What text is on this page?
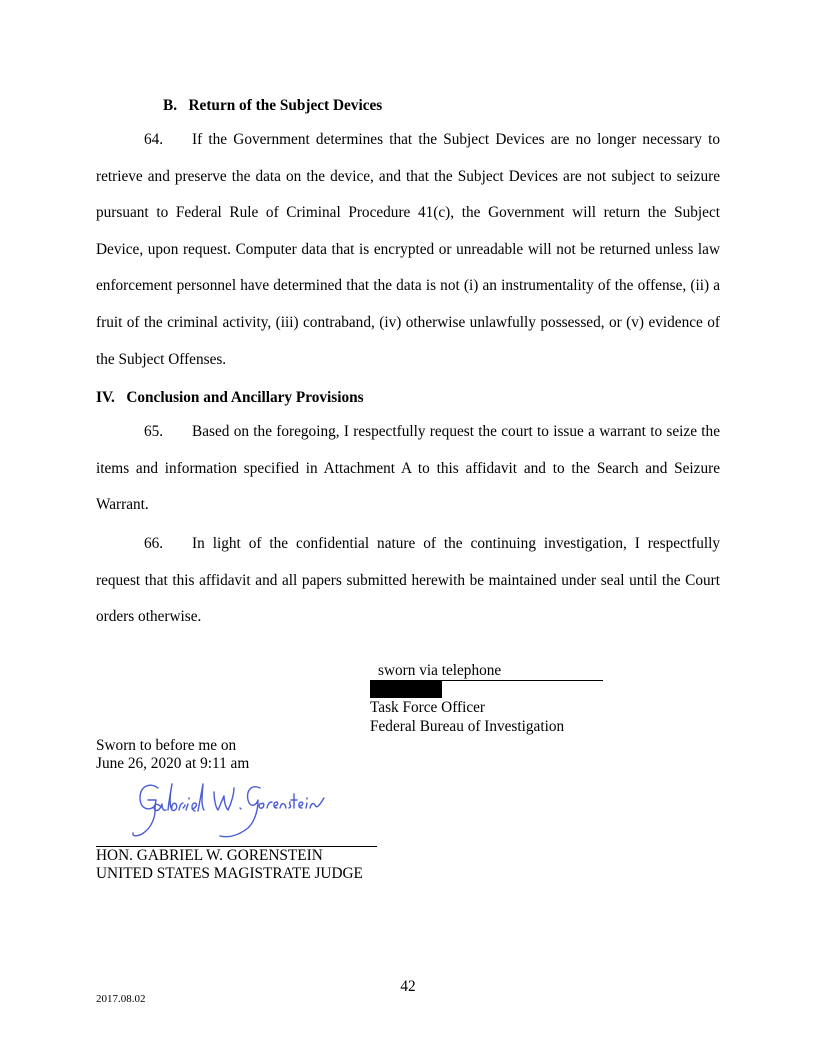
B.   Return of the Subject Devices
64. If the Government determines that the Subject Devices are no longer necessary to retrieve and preserve the data on the device, and that the Subject Devices are not subject to seizure pursuant to Federal Rule of Criminal Procedure 41(c), the Government will return the Subject Device, upon request. Computer data that is encrypted or unreadable will not be returned unless law enforcement personnel have determined that the data is not (i) an instrumentality of the offense, (ii) a fruit of the criminal activity, (iii) contraband, (iv) otherwise unlawfully possessed, or (v) evidence of the Subject Offenses.
IV.   Conclusion and Ancillary Provisions
65. Based on the foregoing, I respectfully request the court to issue a warrant to seize the items and information specified in Attachment A to this affidavit and to the Search and Seizure Warrant.
66. In light of the confidential nature of the continuing investigation, I respectfully request that this affidavit and all papers submitted herewith be maintained under seal until the Court orders otherwise.
sworn via telephone
Task Force Officer
Federal Bureau of Investigation
Sworn to before me on
June 26, 2020 at 9:11 am
HON. GABRIEL W. GORENSTEIN
UNITED STATES MAGISTRATE JUDGE
42
2017.08.02
